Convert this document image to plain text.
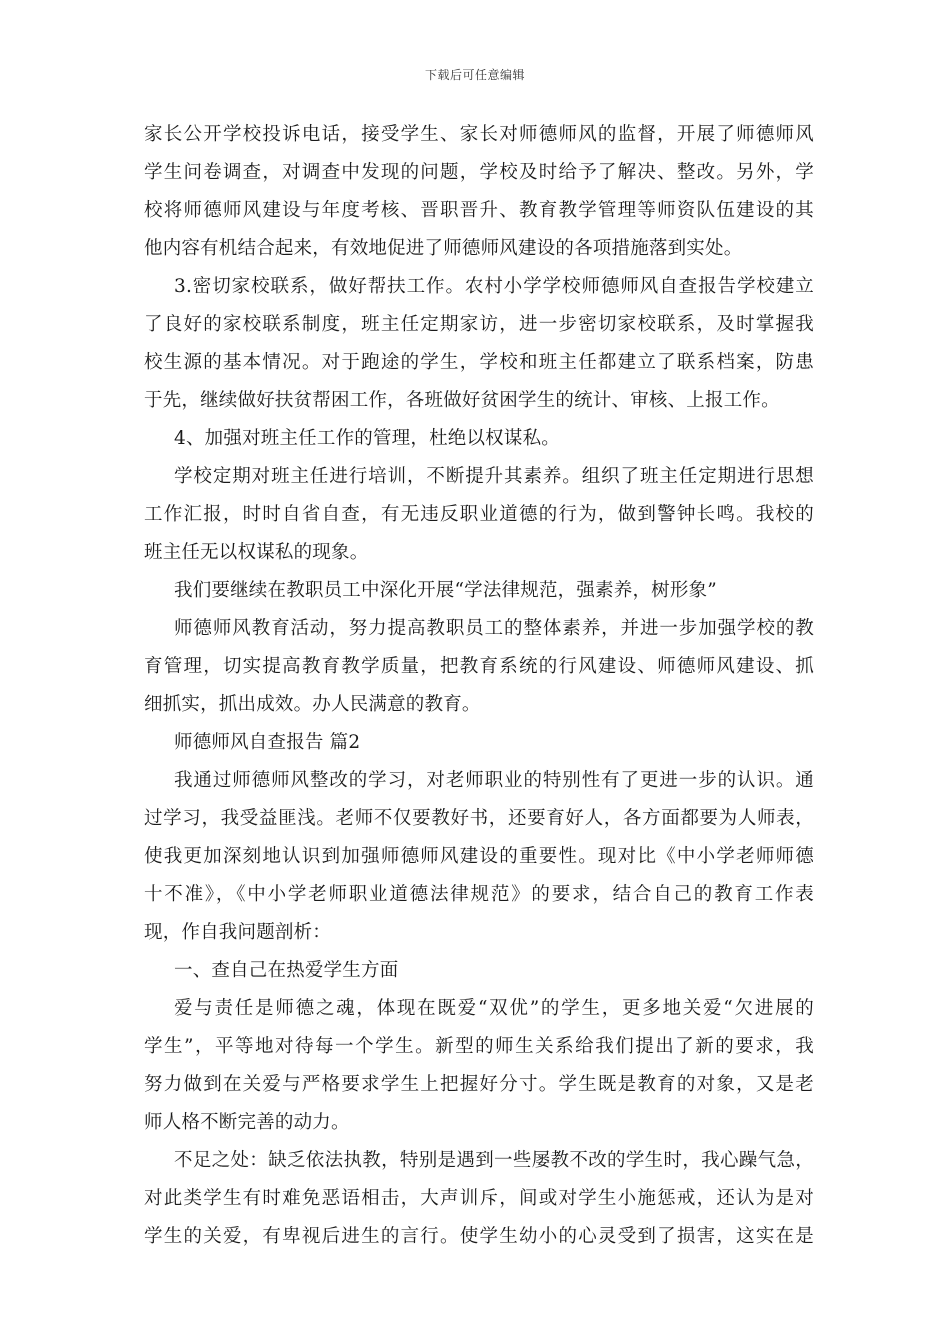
下载后可任意编辑
家长公开学校投诉电话，接受学生、家长对师德师风的监督，开展了师德师风
学生问卷调查，对调查中发现的问题，学校及时给予了解决、整改。另外，学
校将师德师风建设与年度考核、晋职晋升、教育教学管理等师资队伍建设的其
他内容有机结合起来，有效地促进了师德师风建设的各项措施落到实处。
3.密切家校联系，做好帮扶工作。农村小学学校师德师风自查报告学校建立
了良好的家校联系制度，班主任定期家访，进一步密切家校联系，及时掌握我
校生源的基本情况。对于跑途的学生，学校和班主任都建立了联系档案，防患
于先，继续做好扶贫帮困工作，各班做好贫困学生的统计、审核、上报工作。
4、加强对班主任工作的管理，杜绝以权谋私。
学校定期对班主任进行培训，不断提升其素养。组织了班主任定期进行思想
工作汇报，时时自省自查，有无违反职业道德的行为，做到警钟长鸣。我校的
班主任无以权谋私的现象。
我们要继续在教职员工中深化开展“学法律规范，强素养，树形象”
师德师风教育活动，努力提高教职员工的整体素养，并进一步加强学校的教
育管理，切实提高教育教学质量，把教育系统的行风建设、师德师风建设、抓
细抓实，抓出成效。办人民满意的教育。
师德师风自查报告 篇2
我通过师德师风整改的学习，对老师职业的特别性有了更进一步的认识。通
过学习，我受益匪浅。老师不仅要教好书，还要育好人，各方面都要为人师表，
使我更加深刻地认识到加强师德师风建设的重要性。现对比《中小学老师师德
十不准》，《中小学老师职业道德法律规范》的要求，结合自己的教育工作表
现，作自我问题剖析：
一、查自己在热爱学生方面
爱与责任是师德之魂，体现在既爱“双优”的学生，更多地关爱“欠进展的
学生”，平等地对待每一个学生。新型的师生关系给我们提出了新的要求，我
努力做到在关爱与严格要求学生上把握好分寸。学生既是教育的对象，又是老
师人格不断完善的动力。
不足之处：缺乏依法执教，特别是遇到一些屡教不改的学生时，我心躁气急，
对此类学生有时难免恶语相击，大声训斥，间或对学生小施惩戒，还认为是对
学生的关爱，有卑视后进生的言行。使学生幼小的心灵受到了损害，这实在是
